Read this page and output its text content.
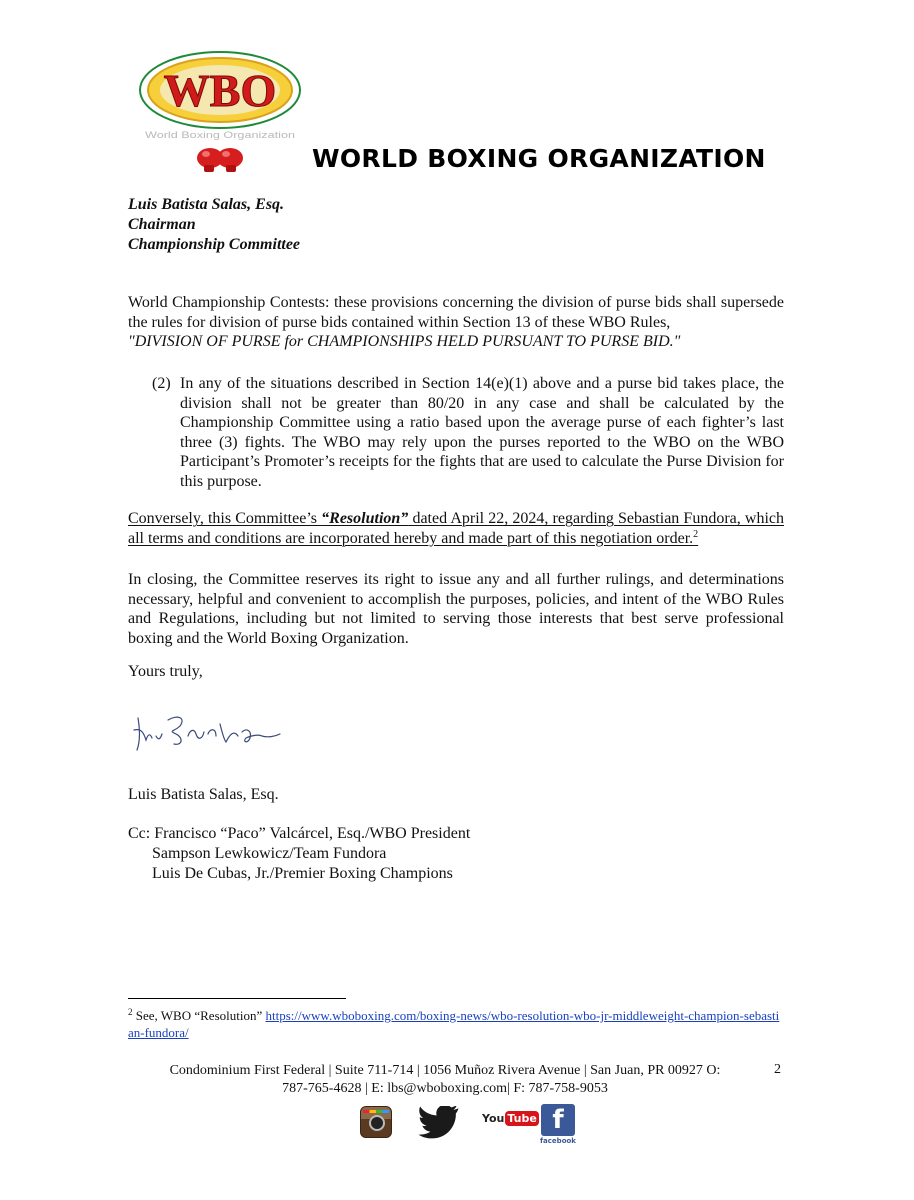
WBO
World Boxing Organization
WORLD BOXING ORGANIZATION
Luis Batista Salas, Esq.
Chairman
Championship Committee
World Championship Contests: these provisions concerning the division of purse bids shall supersede the rules for division of purse bids contained within Section 13 of these WBO Rules,
"DIVISION OF PURSE for CHAMPIONSHIPS HELD PURSUANT TO PURSE BID."
(2) In any of the situations described in Section 14(e)(1) above and a purse bid takes place, the division shall not be greater than 80/20 in any case and shall be calculated by the Championship Committee using a ratio based upon the average purse of each fighter’s last three (3) fights. The WBO may rely upon the purses reported to the WBO on the WBO Participant’s Promoter’s receipts for the fights that are used to calculate the Purse Division for this purpose.
Conversely, this Committee’s “Resolution” dated April 22, 2024, regarding Sebastian Fundora, which all terms and conditions are incorporated hereby and made part of this negotiation order.$^2$
In closing, the Committee reserves its right to issue any and all further rulings, and determinations necessary, helpful and convenient to accomplish the purposes, policies, and intent of the WBO Rules and Regulations, including but not limited to serving those interests that best serve professional boxing and the World Boxing Organization.
Yours truly,
Luis Batista Salas, Esq.
Cc: Francisco “Paco” Valcárcel, Esq./WBO President
Sampson Lewkowicz/Team Fundora
Luis De Cubas, Jr./Premier Boxing Champions
$^2$ See, WBO “Resolution” https://www.wboboxing.com/boxing-news/wbo-resolution-wbo-jr-middleweight-champion-sebastian-fundora/
Condominium First Federal | Suite 711-714 | 1056 Muñoz Rivera Avenue | San Juan, PR 00927 O:
787-765-4628 | E: lbs@wboboxing.com| F: 787-758-9053
2
You Tube f
facebook
